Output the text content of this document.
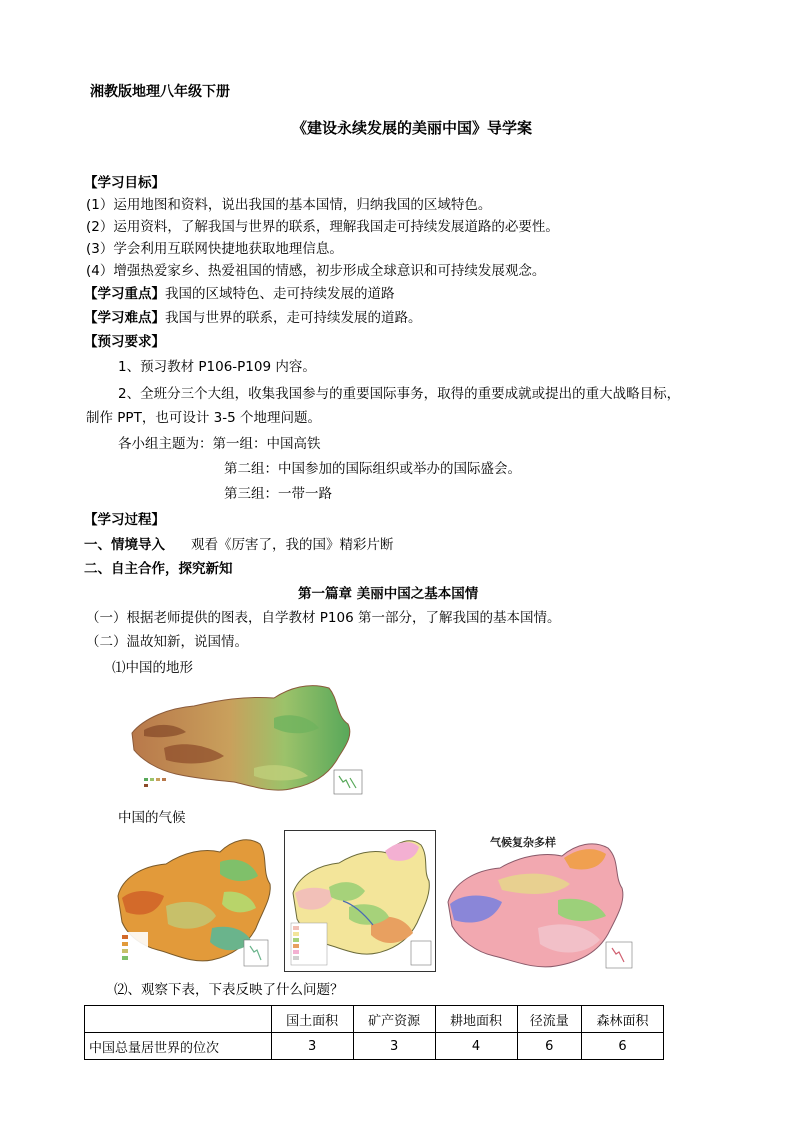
湘教版地理八年级下册
《建设永续发展的美丽中国》导学案
【学习目标】
(1）运用地图和资料，说出我国的基本国情，归纳我国的区域特色。
(2）运用资料，了解我国与世界的联系，理解我国走可持续发展道路的必要性。
(3）学会利用互联网快捷地获取地理信息。
(4）增强热爱家乡、热爱祖国的情感，初步形成全球意识和可持续发展观念。
【学习重点】我国的区域特色、走可持续发展的道路
【学习难点】我国与世界的联系，走可持续发展的道路。
【预习要求】
1、预习教材 P106-P109 内容。
2、全班分三个大组，收集我国参与的重要国际事务，取得的重要成就或提出的重大战略目标，
制作 PPT，也可设计 3-5 个地理问题。
各小组主题为：第一组：中国高铁
第二组：中国参加的国际组织或举办的国际盛会。
第三组：一带一路
【学习过程】
一、情境导入 观看《厉害了，我的国》精彩片断
二、自主合作，探究新知
第一篇章 美丽中国之基本国情
（一）根据老师提供的图表，自学教材 P106 第一部分，了解我国的基本国情。
（二）温故知新，说国情。
⑴中国的地形
中国的气候
气候复杂多样
⑵、观察下表，下表反映了什么问题？
	国土面积	矿产资源	耕地面积	径流量	森林面积
中国总量居世界的位次	3	3	4	6	6
